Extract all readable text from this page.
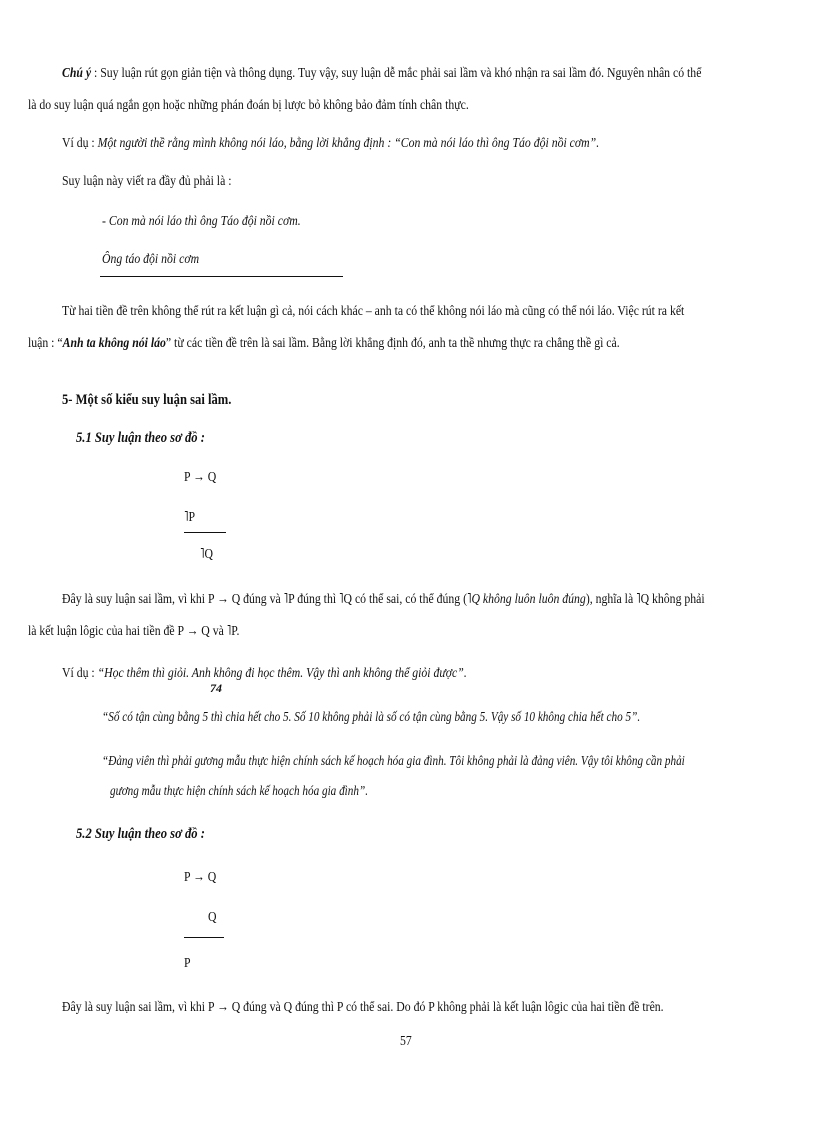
Chú ý : Suy luận rút gọn giản tiện và thông dụng. Tuy vậy, suy luận dễ mắc phải sai lầm và khó nhận ra sai lầm đó. Nguyên nhân có thể
là do suy luận quá ngắn gọn hoặc những phán đoán bị lược bỏ không bảo đảm tính chân thực.
Ví dụ : Một người thề rằng mình không nói láo, bằng lời khẳng định : “Con mà nói láo thì ông Táo đội nồi cơm”.
Suy luận này viết ra đầy đủ phải là :
- Con mà nói láo thì ông Táo đội nồi cơm.
Ông táo đội nồi cơm
Từ hai tiền đề trên không thể rút ra kết luận gì cả, nói cách khác – anh ta có thể không nói láo mà cũng có thể nói láo. Việc rút ra kết
luận : “Anh ta không nói láo” từ các tiền đề trên là sai lầm. Bằng lời khẳng định đó, anh ta thề nhưng thực ra chẳng thề gì cả.
5- Một số kiểu suy luận sai lầm.
5.1 Suy luận theo sơ đồ :
P → Q
˥P
˥Q
Đây là suy luận sai lầm, vì khi P → Q đúng và ˥P đúng thì ˥Q có thể sai, có thể đúng (˥Q không luôn luôn đúng), nghĩa là ˥Q không phải
là kết luận lôgic của hai tiền đề P → Q và ˥P.
Ví dụ : “Học thêm thì giỏi. Anh không đi học thêm. Vậy thì anh không thể giỏi được”.
74
“Số có tận cùng bằng 5 thì chia hết cho 5. Số 10 không phải là số có tận cùng bằng 5. Vậy số 10 không chia hết cho 5”.
“Đảng viên thì phải gương mẫu thực hiện chính sách kế hoạch hóa gia đình. Tôi không phải là đảng viên. Vậy tôi không cần phải
gương mẫu thực hiện chính sách kế hoạch hóa gia đình”.
5.2 Suy luận theo sơ đồ :
P → Q
Q
P
Đây là suy luận sai lầm, vì khi P → Q đúng và Q đúng thì P có thể sai. Do đó P không phải là kết luận lôgic của hai tiền đề trên.
57
